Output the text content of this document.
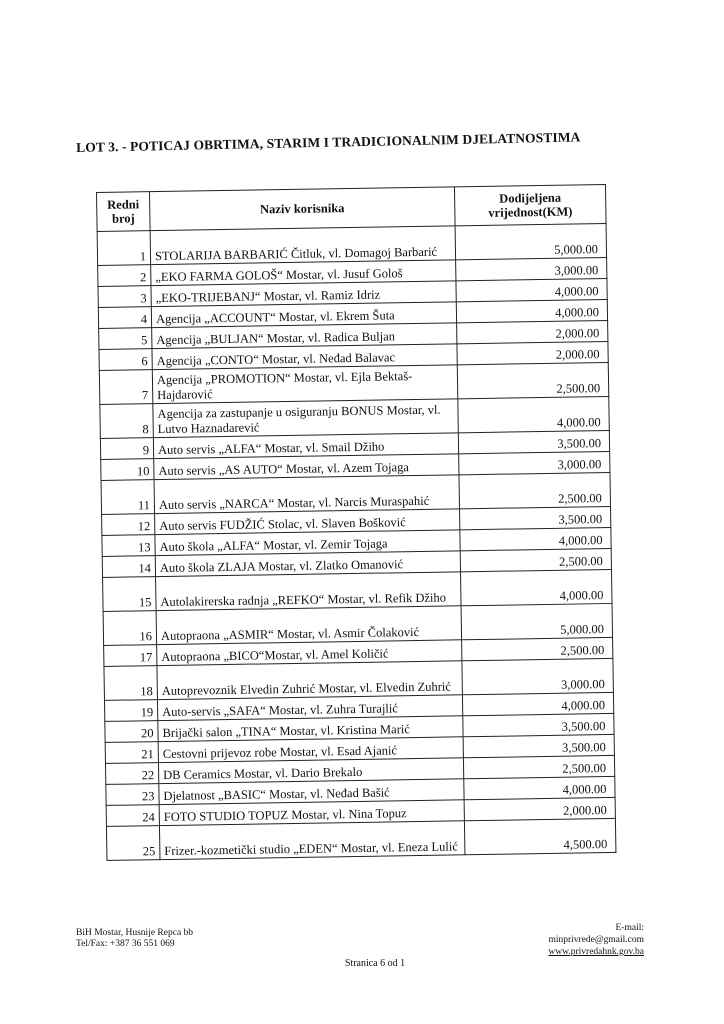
LOT 3. - POTICAJ OBRTIMA, STARIM I TRADICIONALNIM DJELATNOSTIMA
Redni broj	Naziv korisnika	Dodijeljena vrijednost(KM)
1	STOLARIJA BARBARIĆ Čitluk, vl. Domagoj Barbarić	5,000.00
2	„EKO FARMA GOLOŠ“ Mostar, vl. Jusuf Gološ	3,000.00
3	„EKO-TRIJEBANJ“ Mostar, vl. Ramiz Idriz	4,000.00
4	Agencija „ACCOUNT“ Mostar, vl. Ekrem Šuta	4,000.00
5	Agencija „BULJAN“ Mostar, vl. Radica Buljan	2,000.00
6	Agencija „CONTO“ Mostar, vl. Neđad Balavac	2,000.00
7	Agencija „PROMOTION“ Mostar, vl. Ejla Bektaš-Hajdarović	2,500.00
8	Agencija za zastupanje u osiguranju BONUS Mostar, vl. Lutvo Haznadarević	4,000.00
9	Auto servis „ALFA“ Mostar, vl. Smail Džiho	3,500.00
10	Auto servis „AS AUTO“ Mostar, vl. Azem Tojaga	3,000.00
11	Auto servis „NARCA“ Mostar, vl. Narcis Muraspahić	2,500.00
12	Auto servis FUDŽIĆ Stolac, vl. Slaven Bošković	3,500.00
13	Auto škola „ALFA“ Mostar, vl. Zemir Tojaga	4,000.00
14	Auto škola ZLAJA Mostar, vl. Zlatko Omanović	2,500.00
15	Autolakirerska radnja „REFKO“ Mostar, vl. Refik Džiho	4,000.00
16	Autopraona „ASMIR“ Mostar, vl. Asmir Čolaković	5,000.00
17	Autopraona „BICO“Mostar, vl. Amel Količić	2,500.00
18	Autoprevoznik Elvedin Zuhrić Mostar, vl. Elvedin Zuhrić	3,000.00
19	Auto-servis „SAFA“ Mostar, vl. Zuhra Turajlić	4,000.00
20	Brijački salon „TINA“ Mostar, vl. Kristina Marić	3,500.00
21	Cestovni prijevoz robe Mostar, vl. Esad Ajanić	3,500.00
22	DB Ceramics Mostar, vl. Dario Brekalo	2,500.00
23	Djelatnost „BASIC“ Mostar, vl. Neđad Bašić	4,000.00
24	FOTO STUDIO TOPUZ Mostar, vl. Nina Topuz	2,000.00
25	Frizer.-kozmetički studio „EDEN“ Mostar, vl. Eneza Lulić	4,500.00
BiH Mostar, Husnije Repca bb
Tel/Fax: +387 36 551 069
E-mail: minprivrede@gmail.com
www.privredahnk.gov.ba
Stranica 6 od 1
